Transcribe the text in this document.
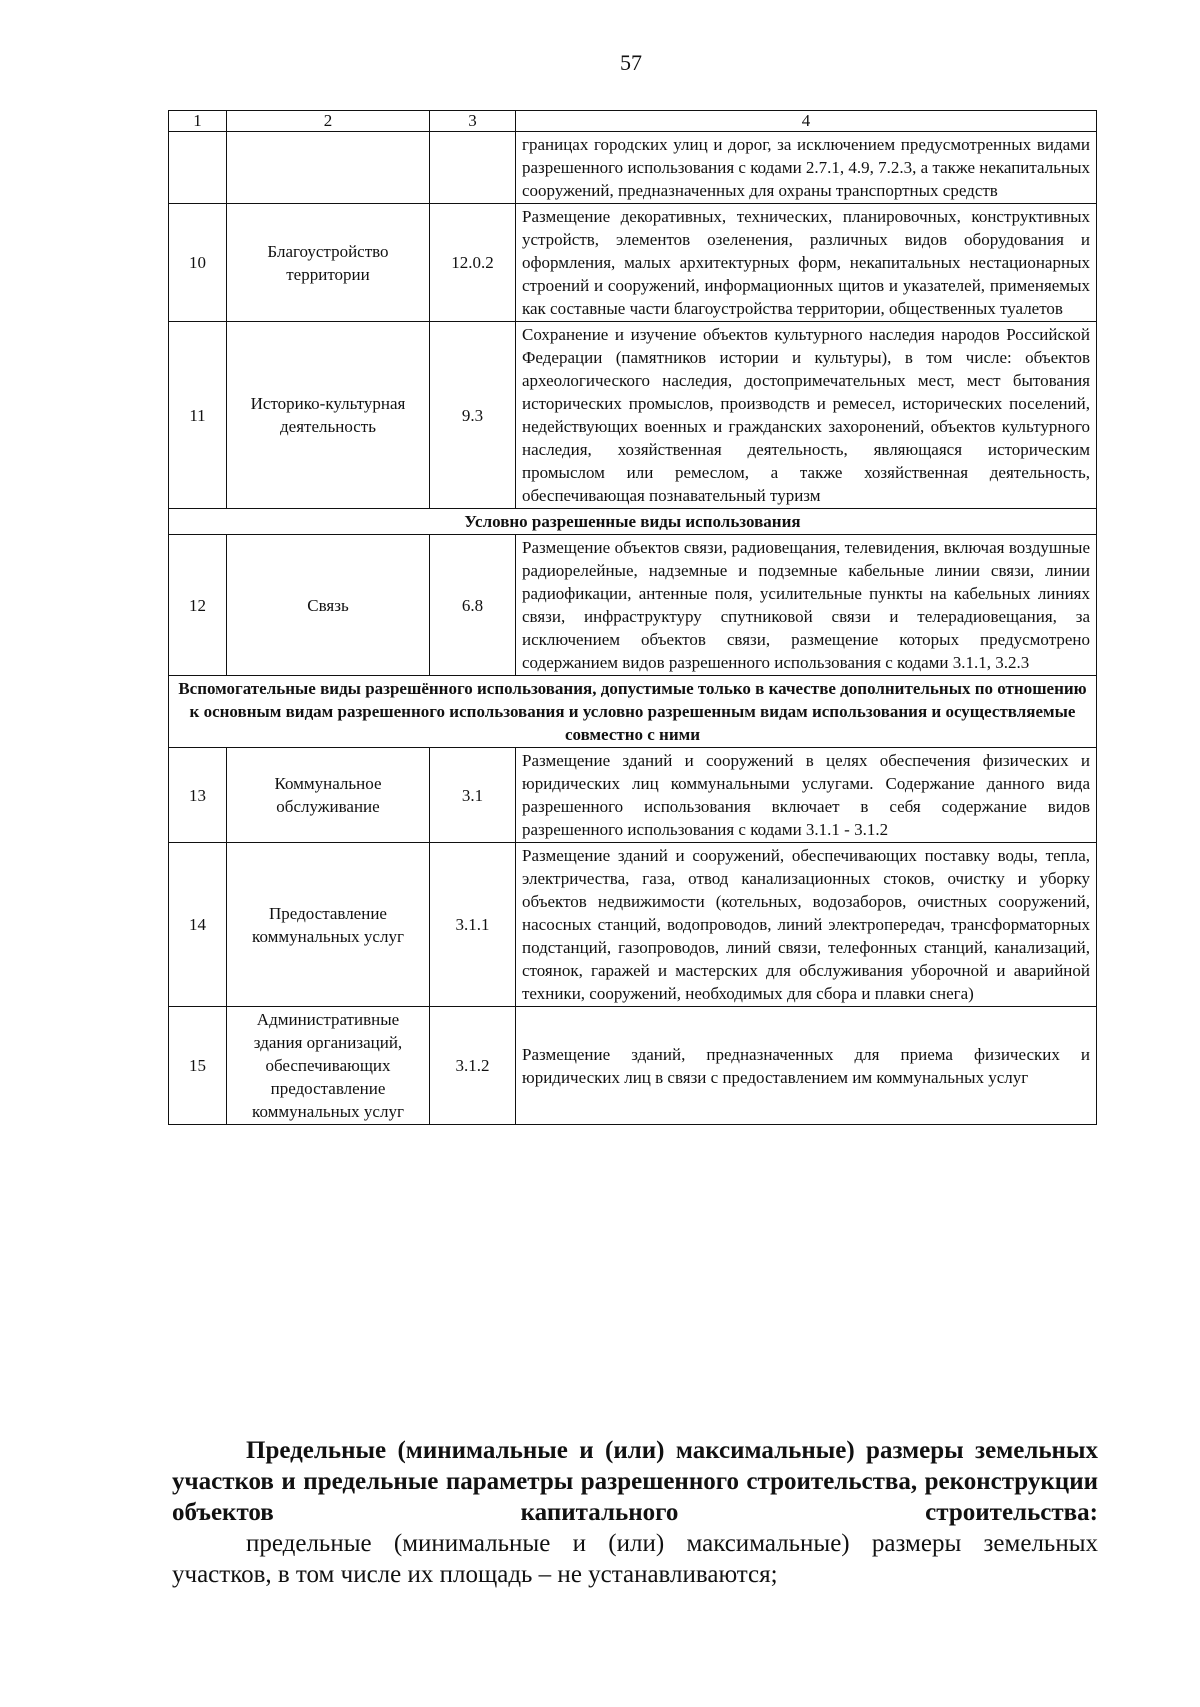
57
1	2	3	4
			границах городских улиц и дорог, за исключением предусмотренных видами разрешенного использования с кодами 2.7.1, 4.9, 7.2.3, а также некапитальных сооружений, предназначенных для охраны транспортных средств
10	Благоустройство территории	12.0.2	Размещение декоративных, технических, планировочных, конструктивных устройств, элементов озеленения, различных видов оборудования и оформления, малых архитектурных форм, некапитальных нестационарных строений и сооружений, информационных щитов и указателей, применяемых как составные части благоустройства территории, общественных туалетов
11	Историко-культурная деятельность	9.3	Сохранение и изучение объектов культурного наследия народов Российской Федерации (памятников истории и культуры), в том числе: объектов археологического наследия, достопримечательных мест, мест бытования исторических промыслов, производств и ремесел, исторических поселений, недействующих военных и гражданских захоронений, объектов культурного наследия, хозяйственная деятельность, являющаяся историческим промыслом или ремеслом, а также хозяйственная деятельность, обеспечивающая познавательный туризм
Условно разрешенные виды использования			
12	Связь	6.8	Размещение объектов связи, радиовещания, телевидения, включая воздушные радиорелейные, надземные и подземные кабельные линии связи, линии радиофикации, антенные поля, усилительные пункты на кабельных линиях связи, инфраструктуру спутниковой связи и телерадиовещания, за исключением объектов связи, размещение которых предусмотрено содержанием видов разрешенного использования с кодами 3.1.1, 3.2.3
Вспомогательные виды разрешённого использования, допустимые только в качестве дополнительных по отношению к основным видам разрешенного использования и условно разрешенным видам использования и осуществляемые совместно с ними			
13	Коммунальное обслуживание	3.1	Размещение зданий и сооружений в целях обеспечения физических и юридических лиц коммунальными услугами. Содержание данного вида разрешенного использования включает в себя содержание видов разрешенного использования с кодами 3.1.1 - 3.1.2
14	Предоставление коммунальных услуг	3.1.1	Размещение зданий и сооружений, обеспечивающих поставку воды, тепла, электричества, газа, отвод канализационных стоков, очистку и уборку объектов недвижимости (котельных, водозаборов, очистных сооружений, насосных станций, водопроводов, линий электропередач, трансформаторных подстанций, газопроводов, линий связи, телефонных станций, канализаций, стоянок, гаражей и мастерских для обслуживания уборочной и аварийной техники, сооружений, необходимых для сбора и плавки снега)
15	Административные здания организаций, обеспечивающих предоставление коммунальных услуг	3.1.2	Размещение зданий, предназначенных для приема физических и юридических лиц в связи с предоставлением им коммунальных услуг

Предельные (минимальные и (или) максимальные) размеры земельных участков и предельные параметры разрешенного строительства, реконструкции объектов капитального строительства:

предельные (минимальные и (или) максимальные) размеры земельных участков, в том числе их площадь – не устанавливаются;
